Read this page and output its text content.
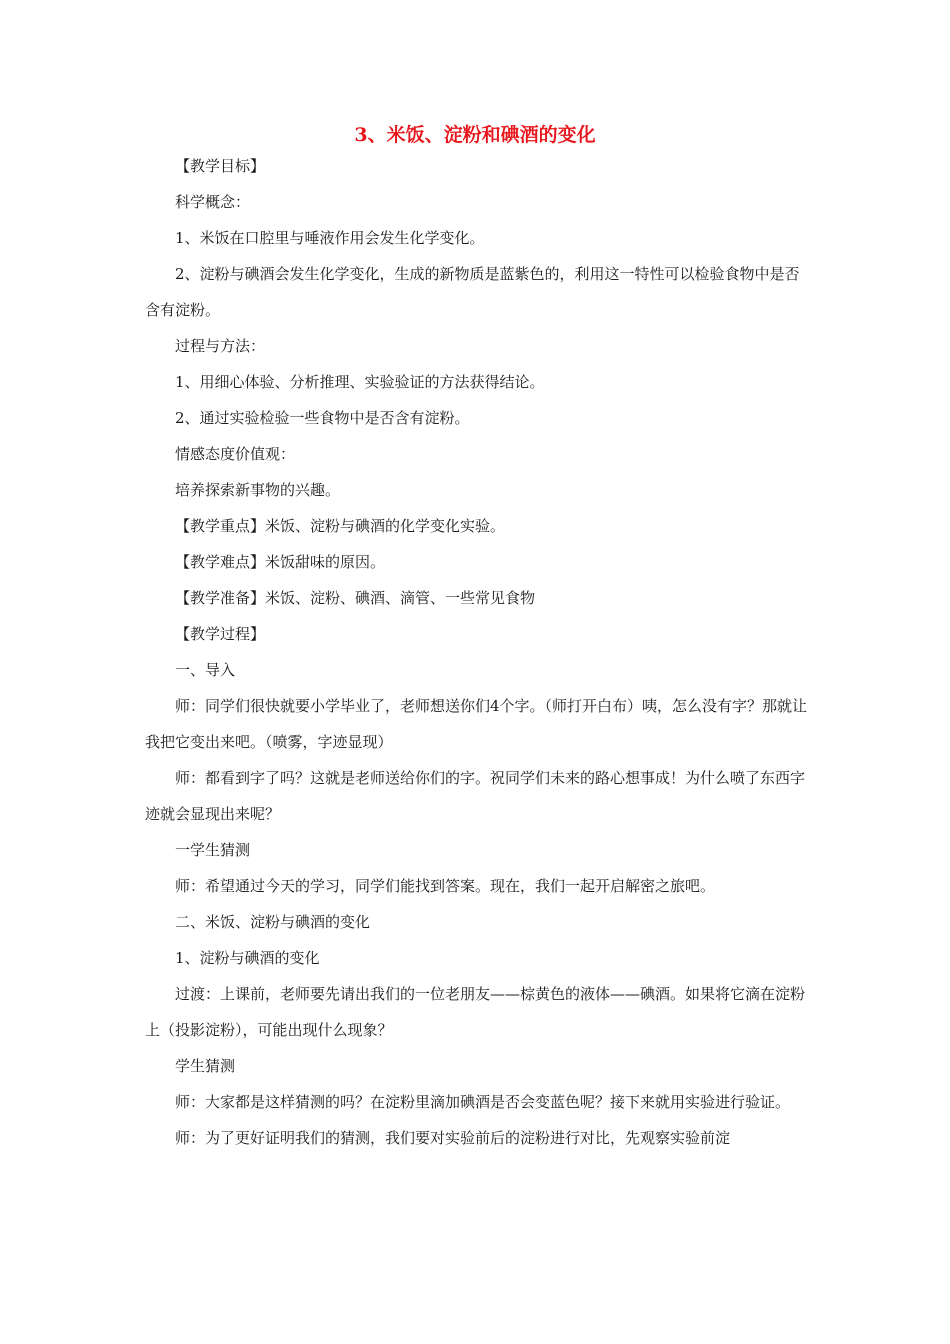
3、米饭、淀粉和碘酒的变化

【教学目标】

科学概念：

1、米饭在口腔里与唾液作用会发生化学变化。

2、淀粉与碘酒会发生化学变化，生成的新物质是蓝紫色的，利用这一特性可以检验食物中是否含有淀粉。

过程与方法：

1、用细心体验、分析推理、实验验证的方法获得结论。

2、通过实验检验一些食物中是否含有淀粉。

情感态度价值观：

培养探索新事物的兴趣。

【教学重点】米饭、淀粉与碘酒的化学变化实验。

【教学难点】米饭甜味的原因。

【教学准备】米饭、淀粉、碘酒、滴管、一些常见食物

【教学过程】

一、导入

师：同学们很快就要小学毕业了，老师想送你们4个字。（师打开白布）咦，怎么没有字？那就让我把它变出来吧。（喷雾，字迹显现）

师：都看到字了吗？这就是老师送给你们的字。祝同学们未来的路心想事成！为什么喷了东西字迹就会显现出来呢？

一学生猜测

师：希望通过今天的学习，同学们能找到答案。现在，我们一起开启解密之旅吧。

二、米饭、淀粉与碘酒的变化

1、淀粉与碘酒的变化

过渡：上课前，老师要先请出我们的一位老朋友——棕黄色的液体——碘酒。如果将它滴在淀粉上（投影淀粉），可能出现什么现象？

学生猜测

师：大家都是这样猜测的吗？在淀粉里滴加碘酒是否会变蓝色呢？接下来就用实验进行验证。

师：为了更好证明我们的猜测，我们要对实验前后的淀粉进行对比，先观察实验前淀
